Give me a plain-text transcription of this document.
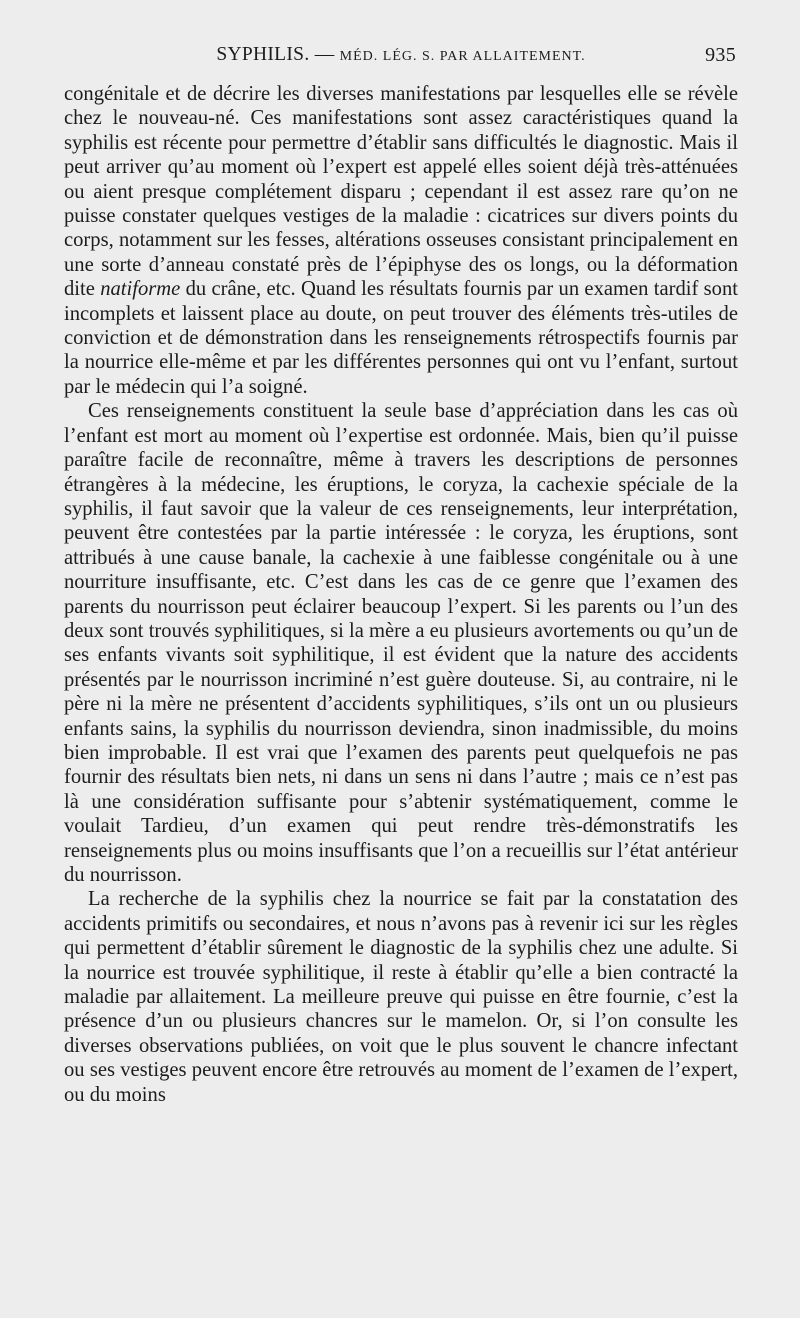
SYPHILIS. — MÉD. LÉG. S. PAR ALLAITEMENT.	935

congénitale et de décrire les diverses manifestations par lesquelles elle se révèle chez le nouveau-né. Ces manifestations sont assez caractéristiques quand la syphilis est récente pour permettre d’établir sans difficultés le diagnostic. Mais il peut arriver qu’au moment où l’expert est appelé elles soient déjà très-atténuées ou aient presque complétement disparu ; cependant il est assez rare qu’on ne puisse constater quelques vestiges de la maladie : cicatrices sur divers points du corps, notamment sur les fesses, altérations osseuses consistant principalement en une sorte d’anneau constaté près de l’épiphyse des os longs, ou la déformation dite natiforme du crâne, etc. Quand les résultats fournis par un examen tardif sont incomplets et laissent place au doute, on peut trouver des éléments très-utiles de conviction et de démonstration dans les renseignements rétrospectifs fournis par la nourrice elle-même et par les différentes personnes qui ont vu l’enfant, surtout par le médecin qui l’a soigné.

Ces renseignements constituent la seule base d’appréciation dans les cas où l’enfant est mort au moment où l’expertise est ordonnée. Mais, bien qu’il puisse paraître facile de reconnaître, même à travers les descriptions de personnes étrangères à la médecine, les éruptions, le coryza, la cachexie spéciale de la syphilis, il faut savoir que la valeur de ces renseignements, leur interprétation, peuvent être contestées par la partie intéressée : le coryza, les éruptions, sont attribués à une cause banale, la cachexie à une faiblesse congénitale ou à une nourriture insuffisante, etc. C’est dans les cas de ce genre que l’examen des parents du nourrisson peut éclairer beaucoup l’expert. Si les parents ou l’un des deux sont trouvés syphilitiques, si la mère a eu plusieurs avortements ou qu’un de ses enfants vivants soit syphilitique, il est évident que la nature des accidents présentés par le nourrisson incriminé n’est guère douteuse. Si, au contraire, ni le père ni la mère ne présentent d’accidents syphilitiques, s’ils ont un ou plusieurs enfants sains, la syphilis du nourrisson deviendra, sinon inadmissible, du moins bien improbable. Il est vrai que l’examen des parents peut quelquefois ne pas fournir des résultats bien nets, ni dans un sens ni dans l’autre ; mais ce n’est pas là une considération suffisante pour s’abtenir systématiquement, comme le voulait Tardieu, d’un examen qui peut rendre très-démonstratifs les renseignements plus ou moins insuffisants que l’on a recueillis sur l’état antérieur du nourrisson.

La recherche de la syphilis chez la nourrice se fait par la constatation des accidents primitifs ou secondaires, et nous n’avons pas à revenir ici sur les règles qui permettent d’établir sûrement le diagnostic de la syphilis chez une adulte. Si la nourrice est trouvée syphilitique, il reste à établir qu’elle a bien contracté la maladie par allaitement. La meilleure preuve qui puisse en être fournie, c’est la présence d’un ou plusieurs chancres sur le mamelon. Or, si l’on consulte les diverses observations publiées, on voit que le plus souvent le chancre infectant ou ses vestiges peuvent encore être retrouvés au moment de l’examen de l’expert, ou du moins
